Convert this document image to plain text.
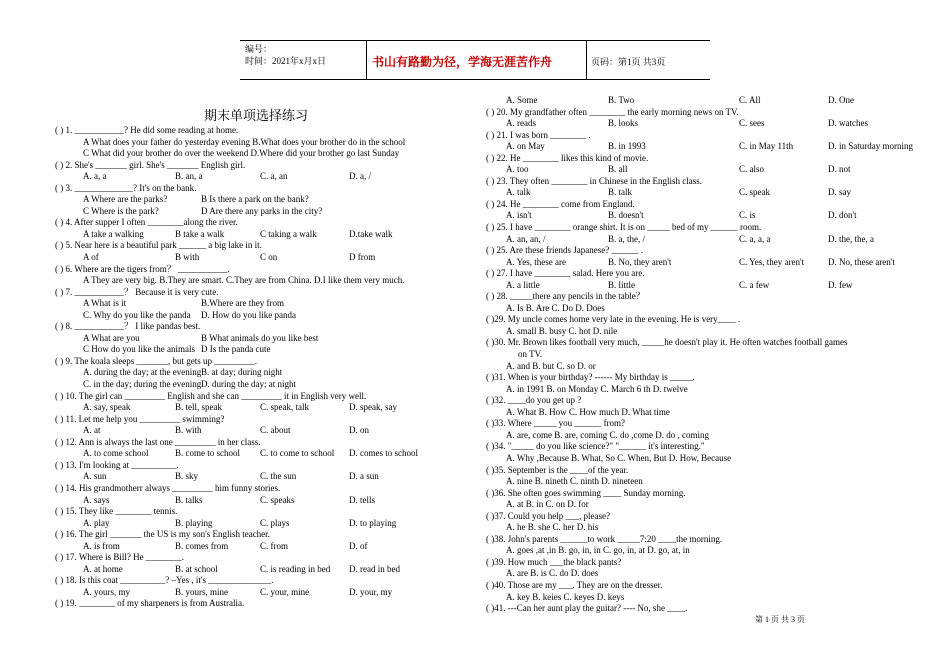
编号：
时间：2021年x月x日	书山有路勤为径，学海无涯苦作舟	页码：第1页 共3页
期末单项选择练习
( ) 1. ___________? He did some reading at home.
A What does your father do yesterday evening B.What does your brother do in the school
C What did your brother do over the weekend D.Where did your brother go last Sunday
( ) 2. She's _______ girl. She's _______ English girl.
A. a, a	B. an, a	C. a, an	D. a, /
( ) 3. _____________? It's on the bank.
A Where are the parks?	B Is there a park on the bank?
C Where is the park?	D Are there any parks in the city?
( ) 4. After supper I often ________along the river.
A take a walking	B take a walk	C taking a walk	D.take walk
( ) 5. Near here is a beautiful park ______ a big lake in it.
A of	B with	C on	D from
( ) 6. Where are the tigers from？ ___________.
A They are very big. B.They are smart. C.They are from China. D.I like them very much.
( ) 7. ___________？ Because it is very cute.
A What is it	B.Where are they from
C. Why do you like the panda D. How do you like panda
( ) 8. ___________？ I like pandas best.
A What are you	B What animals do you like best
C How do you like the animals D Is the panda cute
( ) 9. The koala sleeps _______, but gets up _________.
A. during the day; at the evening B. at day; during night
C. in the day; during the evening D. during the day; at night
( ) 10. The girl can _________ English and she can _________ it in English very well.
A. say, speak	B. tell, speak	C. speak, talk	D. speak, say
( ) 11. Let me help you _________ swimming?
A. at	B. with	C. about	D. on
( ) 12. Ann is always the last one _________ in her class.
A. to come school	B. come to school C. to come to school D. comes to school
( ) 13. I'm looking at __________.
A. sun	B. sky	C. the sun	D. a sun
( ) 14. His grandmotherr always _________ him funny stories.
A. says	B. talks	C. speaks	D. tells
( ) 15. They like ________ tennis.
A. play	B. playing	C. plays	D. to playing
( ) 16. The girl _______ the US is my son's English teacher.
A. is from	B. comes from	C. from	D. of
( ) 17. Where is Bill? He ________.
A. at home	B. at school	C. is reading in bed D. read in bed
( ) 18. Is this coat __________? –Yes , it's ______________.
A. yours, my	B. yours, mine	C. your, mine	D. your, my
( ) 19. ________ of my sharpeners is from Australia.
A. Some	B. Two	C. All	D. One
( ) 20. My grandfather often ________ the early morning news on TV.
A. reads	B. looks	C. sees	D. watches
( ) 21. I was born ________ .
A. on May	B. in 1993	C. in May 11th	D. in Saturday morning
( ) 22. He ________ likes this kind of movie.
A. too	B. all	C. also	D. not
( ) 23. They often ________ in Chinese in the English class.
A. talk	B. talk	C. speak	D. say
( ) 24. He ________ come from England.
A. isn't	B. doesn't	C. is	D. don't
( ) 25. I have ________ orange shirt. It is on _____ bed of my ______ room.
A. an, an, /	B. a, the, /	C. a, a, a	D. the, the, a
( ) 25. Are these friends Japanese? ______ .
A. Yes, these are	B. No, they aren't	C. Yes, they aren't	D. No, these aren't
( ) 27. I have ________ salad. Here you are.
A. a little	B. little	C. a few	D. few
( ) 28. _____there any pencils in the table？
A. Is B. Are C. Do D. Does
( )29. My uncle comes home very late in the evening. He is very____ .
A. small B. busy C. hot D. nile
( )30. Mr. Brown likes football very much, _____he doesn't play it. He often watches football games
on TV.
A. and B. but C. so D. or
( )31. When is your birthday? ------ My birthday is _____.
A. in 1991 B. on Monday C. March 6 th D. twelve
( )32. ____do you get up ?
A. What B. How C. How much D. What time
( )33. Where _____ you ______ from?
A. are, come B. are, coming C. do ,come D. do , coming
( )34. "_____ do you like science?" "______ it's interesting."
A. Why ,Because B. What, So C. When, But D. How, Because
( )35. September is the ____of the year.
A. nine B. nineth C. ninth D. nineteen
( )36. She often goes swimming ____ Sunday morning.
A. at B. in C. on D. for
( )37. Could you help ___, please?
A. he B. she C. her D. his
( )38. John's parents ______to work _____7:20 ____the morning.
A. goes ,at ,in B. go, in, in C. go, in, at D. go, at, in
( )39. How much ___the black pants?
A. are B. is C. do D. does
( )40. Those are my ___. They are on the dresser.
A. key B. keies C. keyes D. keys
( )41. ---Can her aunt play the guitar? ---- No, she ____.
第 1 页 共 3 页
